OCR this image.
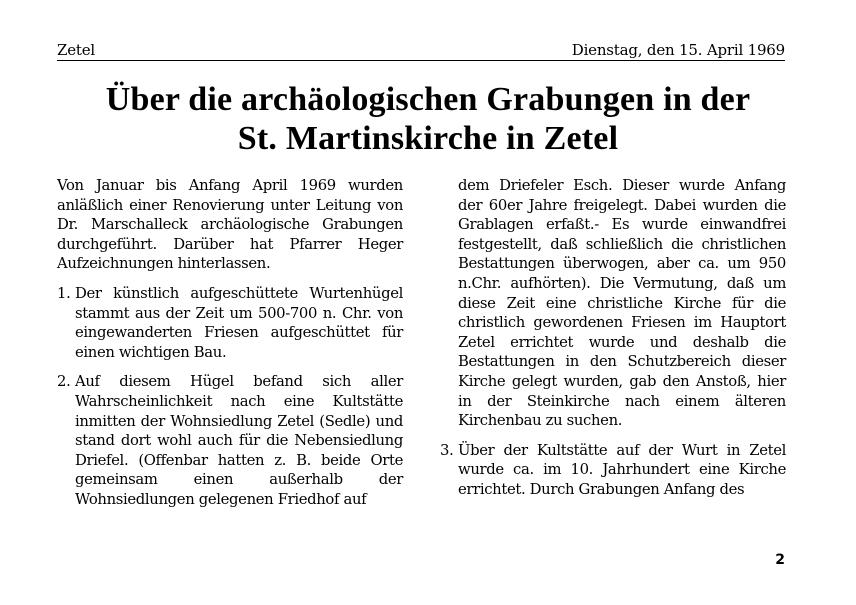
Zetel	Dienstag, den 15. April 1969
Über die archäologischen Grabungen in der
St. Martinskirche in Zetel

Von Januar bis Anfang April 1969 wurden anläßlich einer Renovierung unter Leitung von Dr. Marschalleck archäologische Grabungen durchgeführt. Darüber hat Pfarrer Heger Aufzeichnungen hinterlassen.

1. Der künstlich aufgeschüttete Wurtenhügel stammt aus der Zeit um 500-700 n. Chr. von eingewanderten Friesen aufgeschüttet für einen wichtigen Bau.
2. Auf diesem Hügel befand sich aller Wahrscheinlichkeit nach eine Kultstätte inmitten der Wohnsiedlung Zetel (Sedle) und stand dort wohl auch für die Nebensiedlung Driefel. (Offenbar hatten z. B. beide Orte gemeinsam einen außerhalb der Wohnsiedlungen gelegenen Friedhof auf
dem Driefeler Esch. Dieser wurde Anfang der 60er Jahre freigelegt. Dabei wurden die Grablagen erfaßt.- Es wurde einwandfrei festgestellt, daß schließlich die christlichen Bestattungen überwogen, aber ca. um 950 n.Chr. aufhörten). Die Vermutung, daß um diese Zeit eine christliche Kirche für die christlich gewordenen Friesen im Hauptort Zetel errichtet wurde und deshalb die Bestattungen in den Schutzbereich dieser Kirche gelegt wurden, gab den Anstoß, hier in der Steinkirche nach einem älteren Kirchenbau zu suchen.
3. Über der Kultstätte auf der Wurt in Zetel wurde ca. im 10. Jahrhundert eine Kirche errichtet. Durch Grabungen Anfang des
2
